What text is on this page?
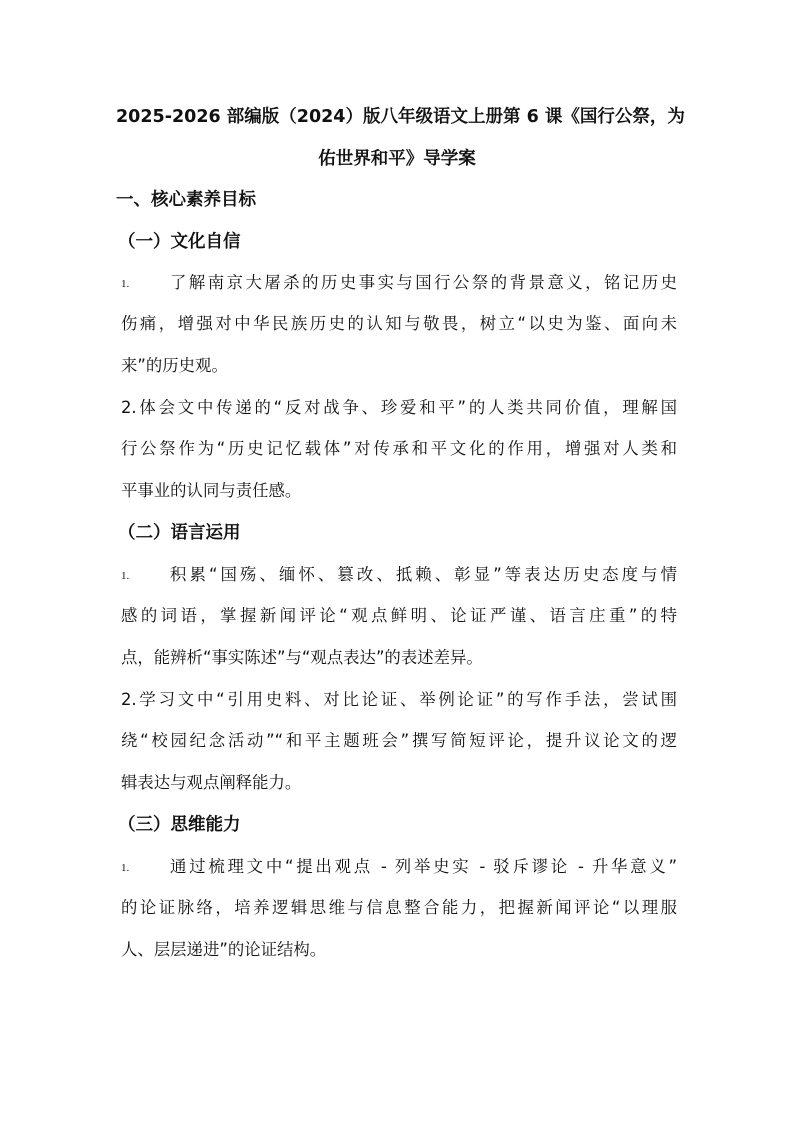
2025-2026 部编版（2024）版八年级语文上册第 6 课《国行公祭，为
佑世界和平》导学案
一、核心素养目标
（一）文化自信
1. 了解南京大屠杀的历史事实与国行公祭的背景意义，铭记历史
伤痛，增强对中华民族历史的认知与敬畏，树立“以史为鉴、面向未
来”的历史观。
2.体会文中传递的“反对战争、珍爱和平”的人类共同价值，理解国
行公祭作为“历史记忆载体”对传承和平文化的作用，增强对人类和
平事业的认同与责任感。
（二）语言运用
1. 积累“国殇、缅怀、篡改、抵赖、彰显”等表达历史态度与情
感的词语，掌握新闻评论“观点鲜明、论证严谨、语言庄重”的特
点，能辨析“事实陈述”与“观点表达”的表述差异。
2.学习文中“引用史料、对比论证、举例论证”的写作手法，尝试围
绕“校园纪念活动”“和平主题班会”撰写简短评论，提升议论文的逻
辑表达与观点阐释能力。
（三）思维能力
1. 通过梳理文中“提出观点 - 列举史实 - 驳斥谬论 - 升华意义”
的论证脉络，培养逻辑思维与信息整合能力，把握新闻评论“以理服
人、层层递进”的论证结构。
